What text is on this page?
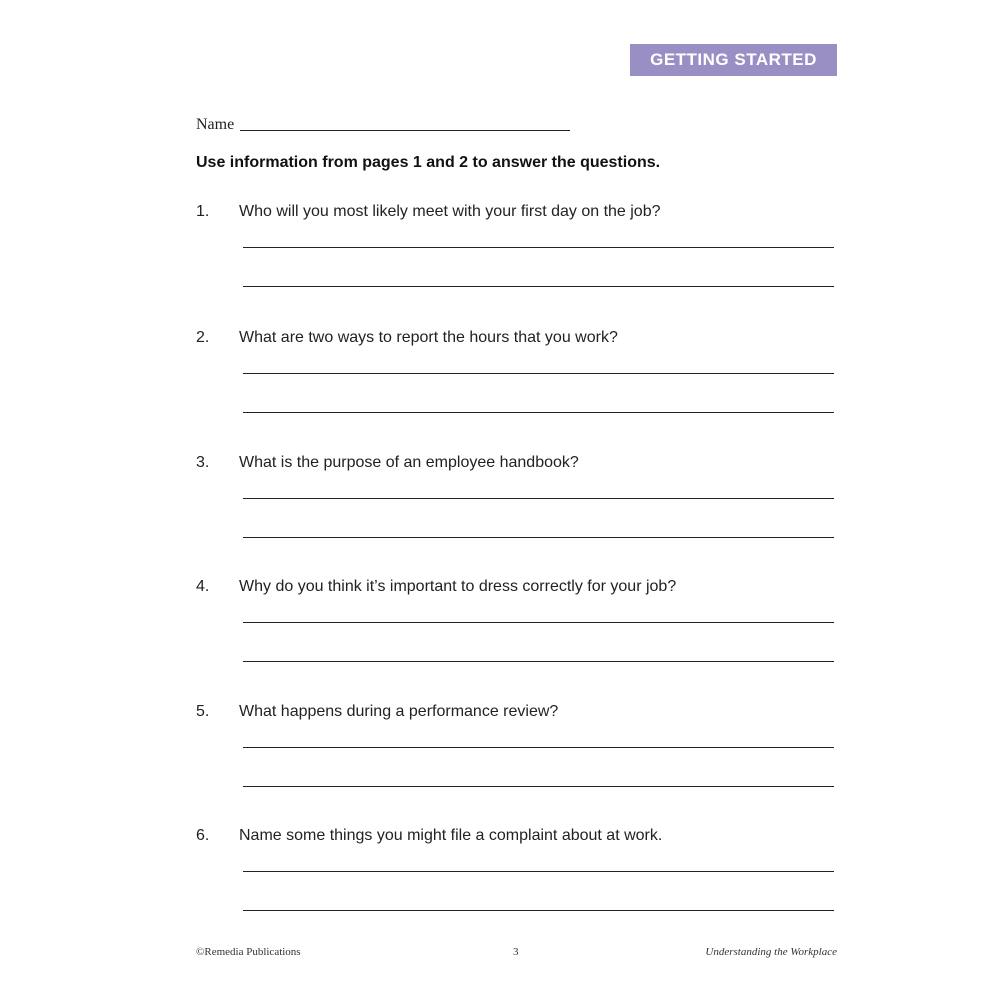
GETTING STARTED
Name
Use information from pages 1 and 2 to answer the questions.
1. Who will you most likely meet with your first day on the job?
2. What are two ways to report the hours that you work?
3. What is the purpose of an employee handbook?
4. Why do you think it’s important to dress correctly for your job?
5. What happens during a performance review?
6. Name some things you might file a complaint about at work.
©Remedia Publications	3	Understanding the Workplace
